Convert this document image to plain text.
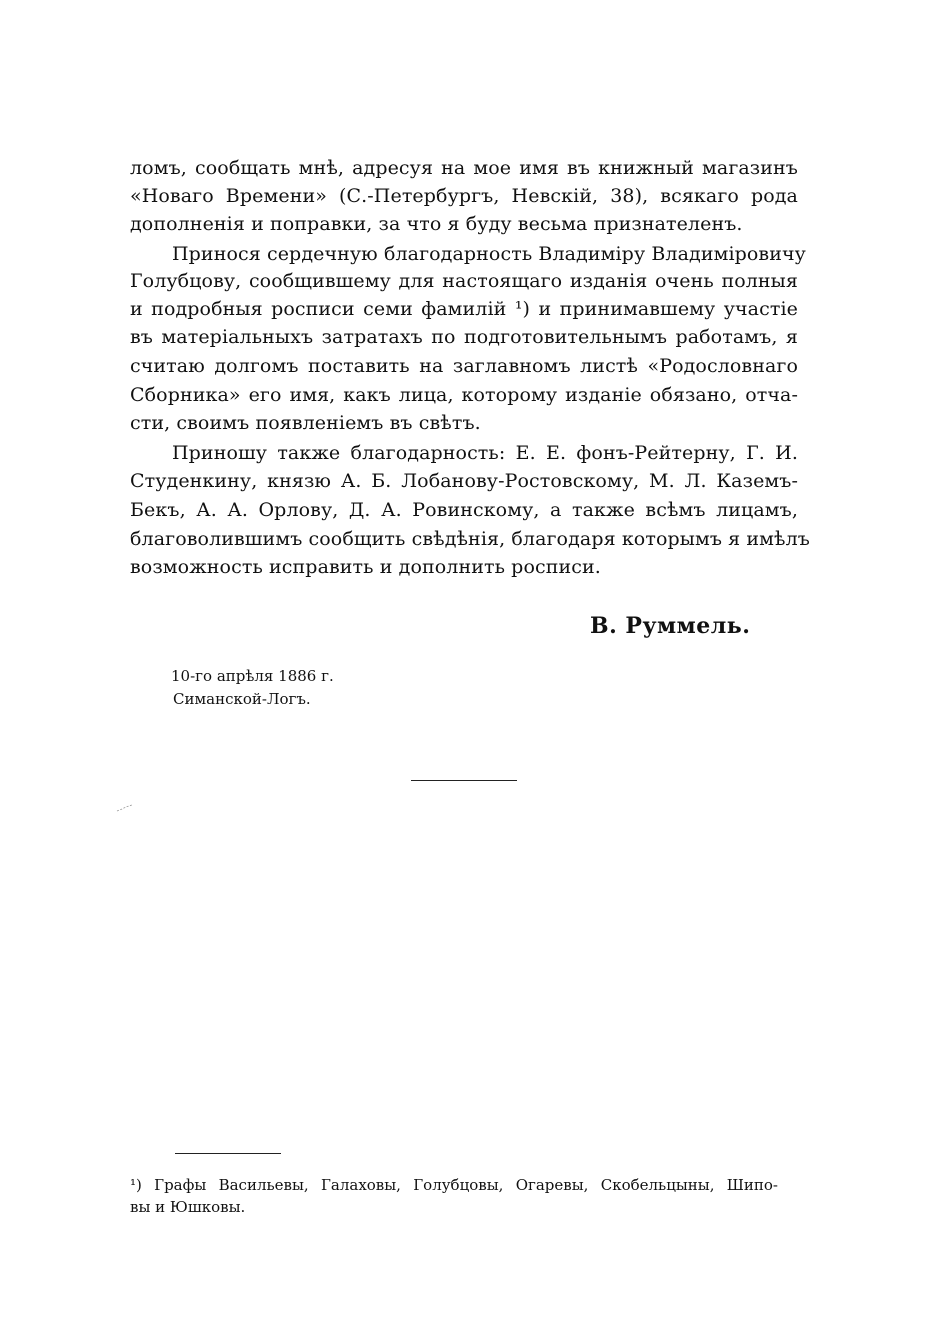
ломъ, сообщать мнѣ, адресуя на мое имя въ книжный магазинъ
«Новаго Времени» (С.-Петербургъ, Невскій, 38), всякаго рода
дополненія и поправки, за что я буду весьма признателенъ.
Принося сердечную благодарность Владиміру Владиміровичу
Голубцову, сообщившему для настоящаго изданія очень полныя
и подробныя росписи семи фамилій ¹) и принимавшему участіе
въ матеріальныхъ затратахъ по подготовительнымъ работамъ, я
считаю долгомъ поставить на заглавномъ листѣ «Родословнаго
Сборника» его имя, какъ лица, которому изданіе обязано, отча-
сти, своимъ появленіемъ въ свѣтъ.
Приношу также благодарность: Е. Е. фонъ-Рейтерну, Г. И.
Студенкину, князю А. Б. Лобанову-Ростовскому, М. Л. Каземъ-
Бекъ, А. А. Орлову, Д. А. Ровинскому, а также всѣмъ лицамъ,
благоволившимъ сообщить свѣдѣнія, благодаря которымъ я имѣлъ
возможность исправить и дополнить росписи.
В. Руммель.
10-го апрѣля 1886 г.
Симанской-Логъ.
¹) Графы Васильевы, Галаховы, Голубцовы, Огаревы, Скобельцыны, Шипо-
вы и Юшковы.
